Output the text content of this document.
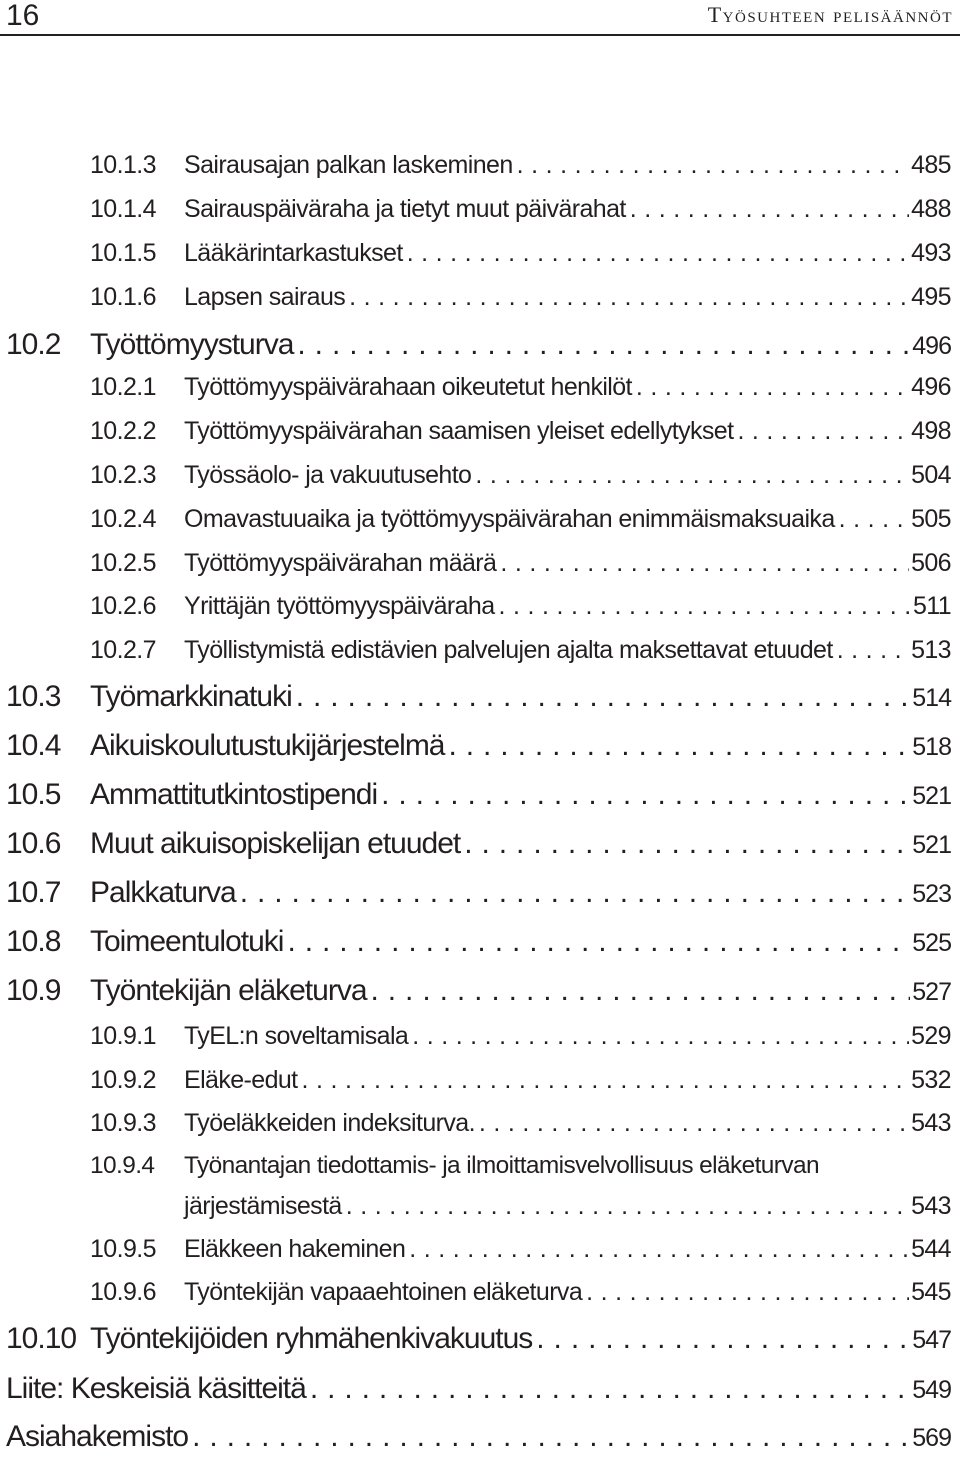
16	Työsuhteen pelisäännöt
10.1.3	Sairausajan palkan laskeminen . . .	485
10.1.4	Sairauspäiväraha ja tietyt muut päivärahat . . .	488
10.1.5	Lääkärintarkastukset . . .	493
10.1.6	Lapsen sairaus . . .	495
10.2 Työttömyysturva . . .	496
10.2.1	Työttömyyspäivärahaan oikeutetut henkilöt . . .	496
10.2.2	Työttömyyspäivärahan saamisen yleiset edellytykset . . .	498
10.2.3	Työssäolo- ja vakuutusehto . . .	504
10.2.4	Omavastuuaika ja työttömyyspäivärahan enimmäismaksuaika . . .	505
10.2.5	Työttömyyspäivärahan määrä . . .	506
10.2.6	Yrittäjän työttömyyspäiväraha . . .	511
10.2.7	Työllistymistä edistävien palvelujen ajalta maksettavat etuudet . . .	513
10.3 Työmarkkinatuki . . .	514
10.4 Aikuiskoulutustukijärjestelmä . . .	518
10.5 Ammattitutkintostipendi . . .	521
10.6 Muut aikuisopiskelijan etuudet . . .	521
10.7 Palkkaturva . . .	523
10.8 Toimeentulotuki . . .	525
10.9 Työntekijän eläketurva . . .	527
10.9.1	TyEL:n soveltamisala . . .	529
10.9.2	Eläke-edut . . .	532
10.9.3	Työeläkkeiden indeksiturva. . . .	543
10.9.4	Työnantajan tiedottamis- ja ilmoittamisvelvollisuus eläketurvan
järjestämisestä . . .	543
10.9.5	Eläkkeen hakeminen . . .	544
10.9.6	Työntekijän vapaaehtoinen eläketurva . . .	545
10.10 Työntekijöiden ryhmähenkivakuutus . . .	547
Liite: Keskeisiä käsitteitä . . .	549
Asiahakemisto . . .	569
